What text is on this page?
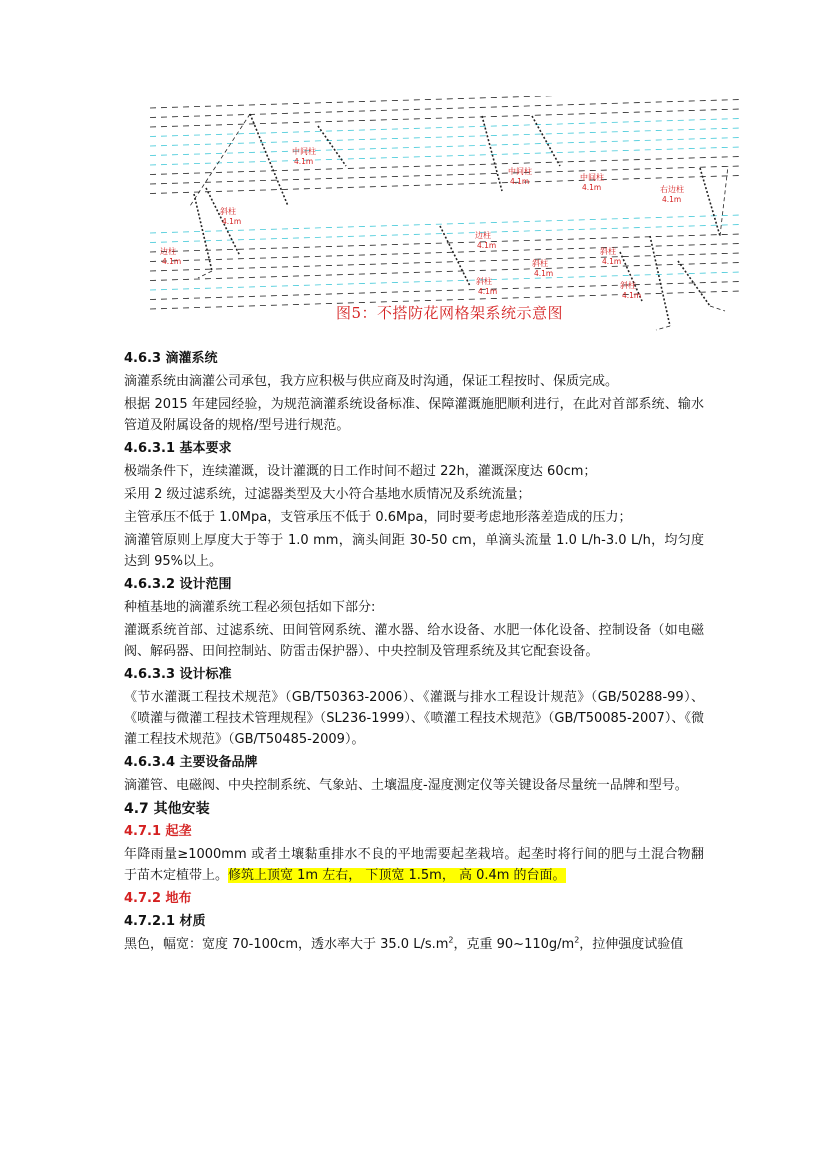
边柱
4.1m
斜柱
4.1m
中间柱
4.1m
斜柱
4.1m
中间柱
4.1m	中间柱
4.1m	右边柱
4.1m
斜柱
4.1m
斜柱
4.1m
斜柱
4.1m
边柱
4.1m
图5：不搭防花网格架系统示意图
4.6.3 滴灌系统
滴灌系统由滴灌公司承包，我方应积极与供应商及时沟通，保证工程按时、保质完成。
根据 2015 年建园经验，为规范滴灌系统设备标准、保障灌溉施肥顺利进行，在此对首部系统、输水管道及附属设备的规格/型号进行规范。
4.6.3.1 基本要求
极端条件下，连续灌溉，设计灌溉的日工作时间不超过 22h，灌溉深度达 60cm；
采用 2 级过滤系统，过滤器类型及大小符合基地水质情况及系统流量；
主管承压不低于 1.0Mpa，支管承压不低于 0.6Mpa，同时要考虑地形落差造成的压力；
滴灌管原则上厚度大于等于 1.0 mm，滴头间距 30-50 cm，单滴头流量 1.0 L/h-3.0 L/h，均匀度达到 95%以上。
4.6.3.2 设计范围
种植基地的滴灌系统工程必须包括如下部分:
灌溉系统首部、过滤系统、田间管网系统、灌水器、给水设备、水肥一体化设备、控制设备（如电磁阀、解码器、田间控制站、防雷击保护器）、中央控制及管理系统及其它配套设备。
4.6.3.3 设计标准
《节水灌溉工程技术规范》（GB/T50363-2006）、《灌溉与排水工程设计规范》（GB/50288-99）、《喷灌与微灌工程技术管理规程》（SL236-1999）、《喷灌工程技术规范》（GB/T50085-2007）、《微灌工程技术规范》（GB/T50485-2009）。
4.6.3.4 主要设备品牌
滴灌管、电磁阀、中央控制系统、气象站、土壤温度-湿度测定仪等关键设备尽量统一品牌和型号。
4.7 其他安装
4.7.1 起垄
年降雨量≥1000mm 或者土壤黏重排水不良的平地需要起垄栽培。起垄时将行间的肥与土混合物翻于苗木定植带上。修筑上顶宽 1m 左右， 下顶宽 1.5m， 高 0.4m 的台面。
4.7.2 地布
4.7.2.1 材质
黑色，幅宽：宽度 70-100cm，透水率大于 35.0 $L/s.m^2$，克重 $90\sim 110g/m^2$，拉伸强度试验值
